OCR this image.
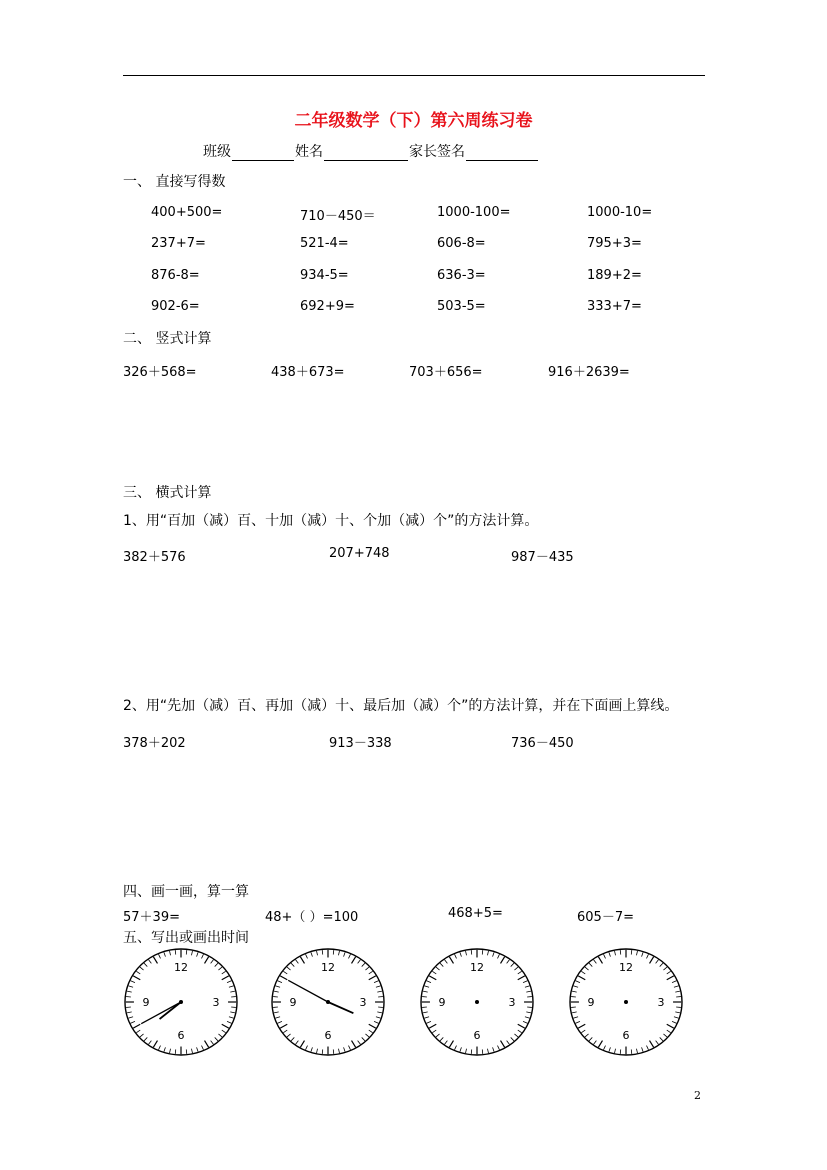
二年级数学（下）第六周练习卷
班级	姓名	家长签名
一、 直接写得数
400+500=	710－450＝	1000-100=	1000-10=
237+7=	521-4=	606-8=	795+3=
876-8=	934-5=	636-3=	189+2=
902-6=	692+9=	503-5=	333+7=
二、 竖式计算
326＋568=	438＋673=	703＋656=	916＋2639=
三、 横式计算
1、用“百加（减）百、十加（减）十、个加（减）个”的方法计算。
382＋576	207+748	987－435
2、用“先加（减）百、再加（减）十、最后加（减）个”的方法计算，并在下面画上算线。
378＋202	913－338	736－450
四、画一画，算一算
57＋39=	48+（ ）=100	468+5=	605－7=
五、写出或画出时间
12
3
6
9
12
3
6
9
12
3
6
9
12
3
6
9
2
